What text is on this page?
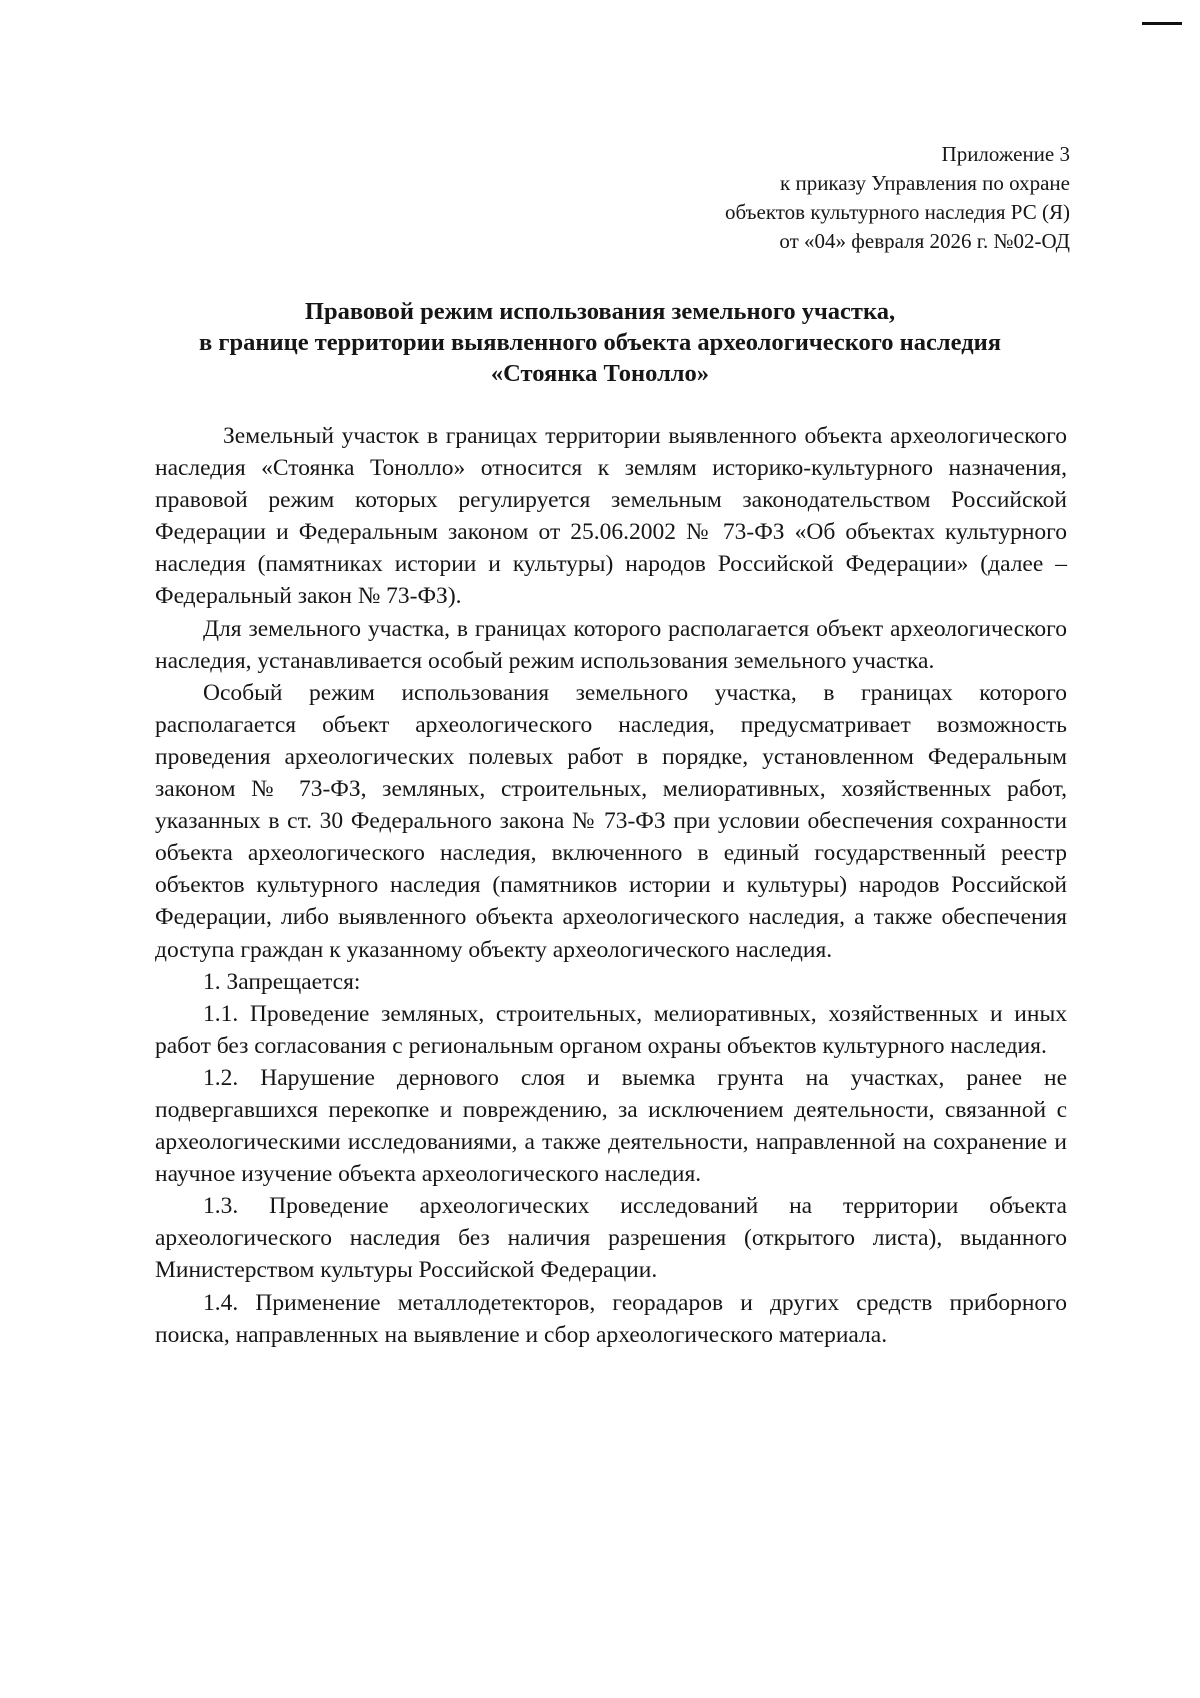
Приложение 3
к приказу Управления по охране
объектов культурного наследия РС (Я)
от «04» февраля 2026 г. №02-ОД
Правовой режим использования земельного участка,
в границе территории выявленного объекта археологического наследия
«Стоянка Тонолло»

Земельный участок в границах территории выявленного объекта археологического наследия «Стоянка Тонолло» относится к землям историко-культурного назначения, правовой режим которых регулируется земельным законодательством Российской Федерации и Федеральным законом от 25.06.2002 № 73-ФЗ «Об объектах культурного наследия (памятниках истории и культуры) народов Российской Федерации» (далее – Федеральный закон № 73-ФЗ).

Для земельного участка, в границах которого располагается объект археологического наследия, устанавливается особый режим использования земельного участка.

Особый режим использования земельного участка, в границах которого располагается объект археологического наследия, предусматривает возможность проведения археологических полевых работ в порядке, установленном Федеральным законом № 73-ФЗ, земляных, строительных, мелиоративных, хозяйственных работ, указанных в ст. 30 Федерального закона № 73-ФЗ при условии обеспечения сохранности объекта археологического наследия, включенного в единый государственный реестр объектов культурного наследия (памятников истории и культуры) народов Российской Федерации, либо выявленного объекта археологического наследия, а также обеспечения доступа граждан к указанному объекту археологического наследия.

1. Запрещается:

1.1. Проведение земляных, строительных, мелиоративных, хозяйственных и иных работ без согласования с региональным органом охраны объектов культурного наследия.

1.2. Нарушение дернового слоя и выемка грунта на участках, ранее не подвергавшихся перекопке и повреждению, за исключением деятельности, связанной с археологическими исследованиями, а также деятельности, направленной на сохранение и научное изучение объекта археологического наследия.

1.3. Проведение археологических исследований на территории объекта археологического наследия без наличия разрешения (открытого листа), выданного Министерством культуры Российской Федерации.

1.4. Применение металлодетекторов, георадаров и других средств приборного поиска, направленных на выявление и сбор археологического материала.
